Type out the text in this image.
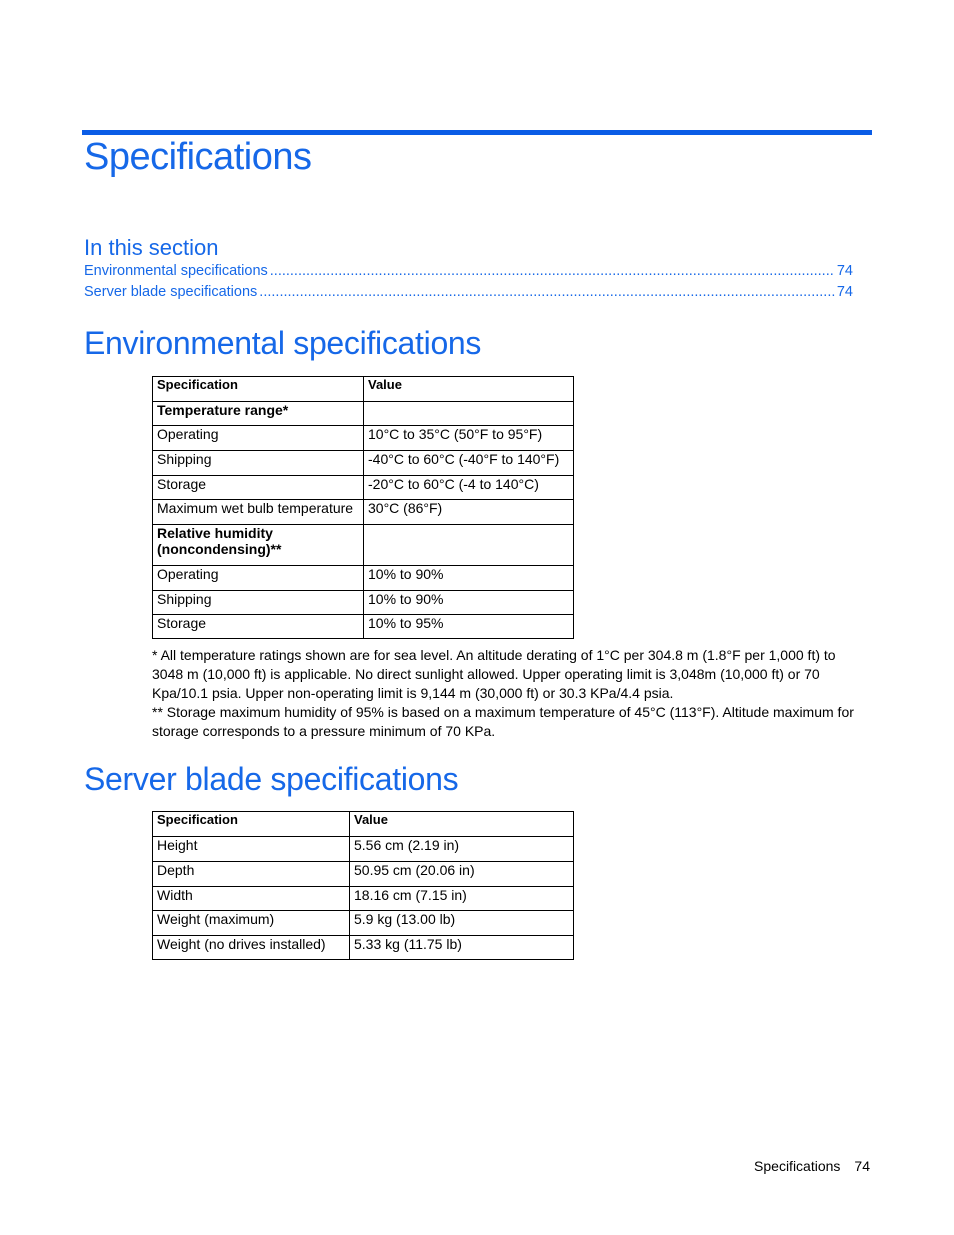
Specifications
In this section
Environmental specifications .....	74
Server blade specifications .....	74
Environmental specifications
Specification	Value
Temperature range*	
Operating	10°C to 35°C (50°F to 95°F)
Shipping	-40°C to 60°C (-40°F to 140°F)
Storage	-20°C to 60°C (-4 to 140°C)
Maximum wet bulb temperature	30°C (86°F)
Relative humidity (noncondensing)**	
Operating	10% to 90%
Shipping	10% to 90%
Storage	10% to 95%

* All temperature ratings shown are for sea level. An altitude derating of 1°C per 304.8 m (1.8°F per 1,000 ft) to 3048 m (10,000 ft) is applicable. No direct sunlight allowed. Upper operating limit is 3,048m (10,000 ft) or 70 Kpa/10.1 psia. Upper non-operating limit is 9,144 m (30,000 ft) or 30.3 KPa/4.4 psia.

** Storage maximum humidity of 95% is based on a maximum temperature of 45°C (113°F). Altitude maximum for storage corresponds to a pressure minimum of 70 KPa.

Server blade specifications
Specification	Value
Height	5.56 cm (2.19 in)
Depth	50.95 cm (20.06 in)
Width	18.16 cm (7.15 in)
Weight (maximum)	5.9 kg (13.00 lb)
Weight (no drives installed)	5.33 kg (11.75 lb)
Specifications 74
